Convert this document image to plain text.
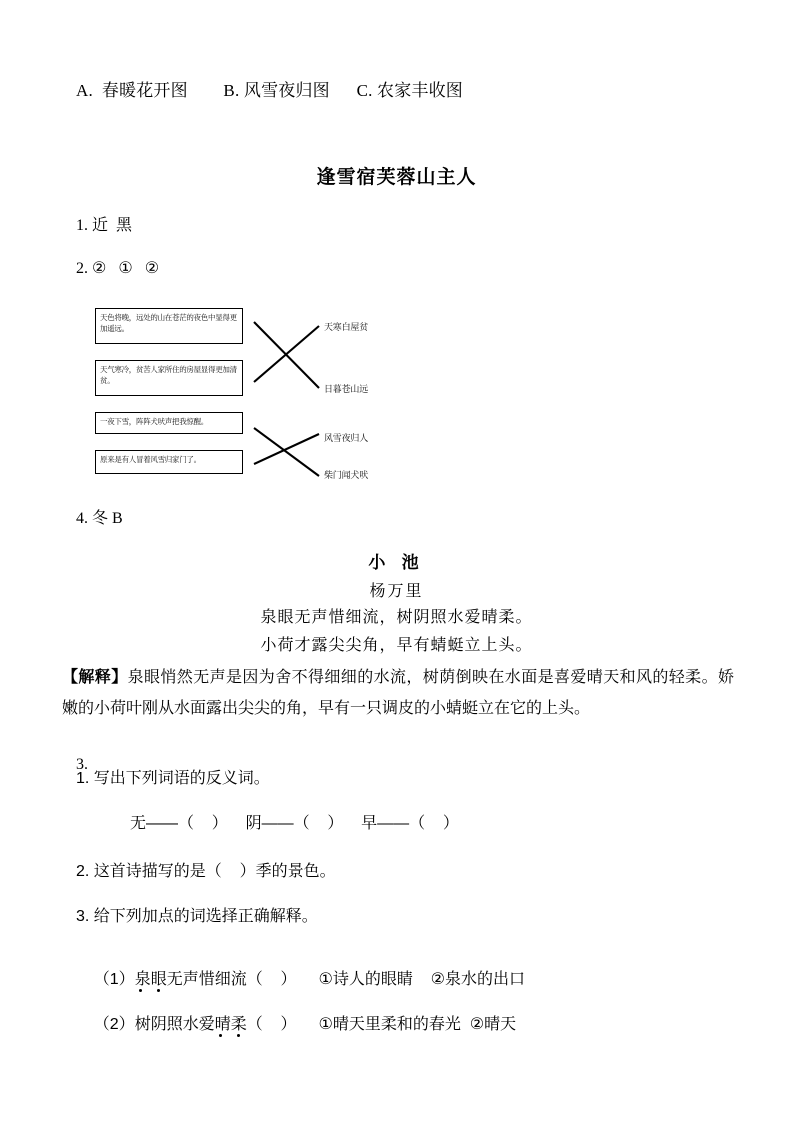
A.  春暖花开图        B. 风雪夜归图      C. 农家丰收图
逢雪宿芙蓉山主人
1. 近  黑
2. ②   ①   ②
3.
天色将晚，远处的山在苍茫的夜色中显得更加遥远。
天气寒冷，贫苦人家所住的房屋显得更加清贫。
一夜下雪，阵阵犬吠声把我惊醒。
原来是有人冒着风雪归家门了。
天寒白屋贫
日暮苍山远
风雪夜归人
柴门闻犬吠
4. 冬 B
小 池
杨万里
泉眼无声惜细流，树阴照水爱晴柔。
小荷才露尖尖角，早有蜻蜓立上头。
【解释】泉眼悄然无声是因为舍不得细细的水流，树荫倒映在水面是喜爱晴天和风的轻柔。娇嫩的小荷叶刚从水面露出尖尖的角，早有一只调皮的小蜻蜓立在它的上头。
1. 写出下列词语的反义词。
无——（    ）    阴——（    ）    早——（    ）
2. 这首诗描写的是（    ）季的景色。
3. 给下列加点的词选择正确解释。

（1）泉眼无声惜细流（    ） ①诗人的眼睛    ②泉水的出口

（2）树阴照水爱晴柔（    ） ①晴天里柔和的春光  ②晴天
